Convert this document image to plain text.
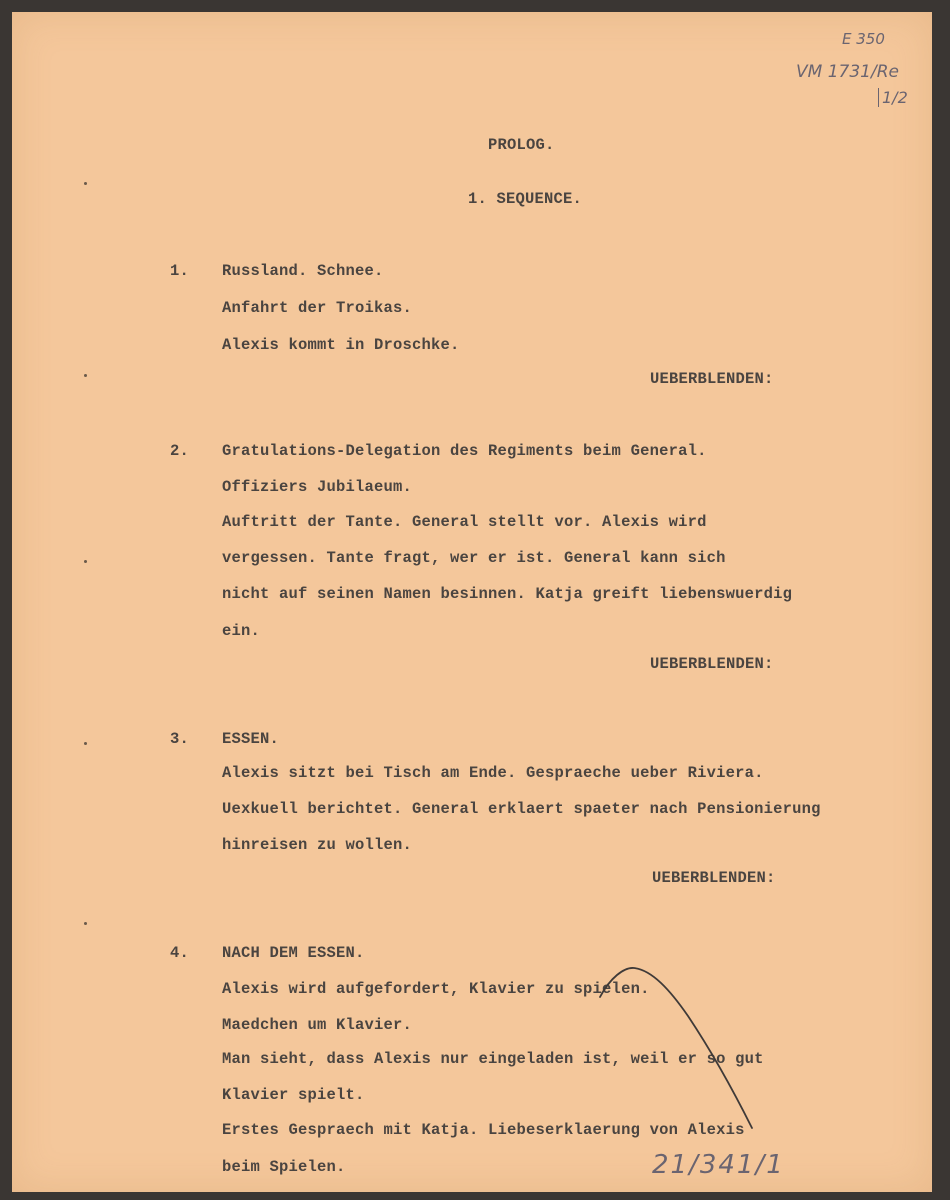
E 350
VM 1731/Re
1/2
21/341/1
PROLOG.
1. SEQUENCE.
1. Russland. Schnee.
Anfahrt der Troikas.
Alexis kommt in Droschke.
UEBERBLENDEN:
2. Gratulations-Delegation des Regiments beim General.
Offiziers Jubilaeum.
Auftritt der Tante. General stellt vor. Alexis wird
vergessen. Tante fragt, wer er ist. General kann sich
nicht auf seinen Namen besinnen. Katja greift liebenswuerdig
ein.
UEBERBLENDEN:
3. ESSEN.
Alexis sitzt bei Tisch am Ende. Gespraeche ueber Riviera.
Uexkuell berichtet. General erklaert spaeter nach Pensionierung
hinreisen zu wollen.
UEBERBLENDEN:
4. NACH DEM ESSEN.
Alexis wird aufgefordert, Klavier zu spielen.
Maedchen um Klavier.
Man sieht, dass Alexis nur eingeladen ist, weil er so gut
Klavier spielt.
Erstes Gespraech mit Katja. Liebeserklaerung von Alexis
beim Spielen.
